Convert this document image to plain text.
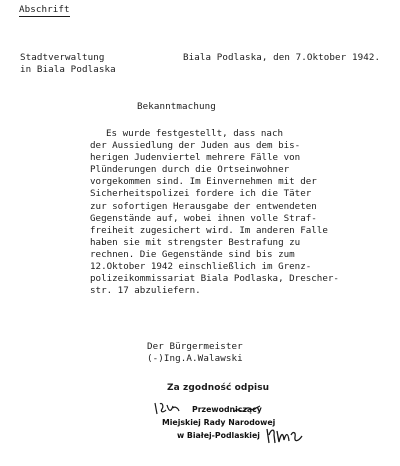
Abschrift
Stadtverwaltung
in Biala Podlaska
Biala Podlaska, den 7.Oktober 1942.
Bekanntmachung
Es wurde festgestellt, dass nach
der Aussiedlung der Juden aus dem bis-
herigen Judenviertel mehrere Fälle von
Plünderungen durch die Ortseinwohner
vorgekommen sind. Im Einvernehmen mit der
Sicherheitspolizei fordere ich die Täter
zur sofortigen Herausgabe der entwendeten
Gegenstände auf, wobei ihnen volle Straf-
freiheit zugesichert wird. Im anderen Falle
haben sie mit strengster Bestrafung zu
rechnen. Die Gegenstände sind bis zum
12.Oktober 1942 einschließlich im Grenz-
polizeikommissariat Biala Podlaska, Drescher-
str. 17 abzuliefern.
Der Bürgermeister
(-)Ing.A.Walawski
Za zgodność odpisu
Przewodniczący
Miejskiej Rady Narodowej
w Białej-Podlaskiej
